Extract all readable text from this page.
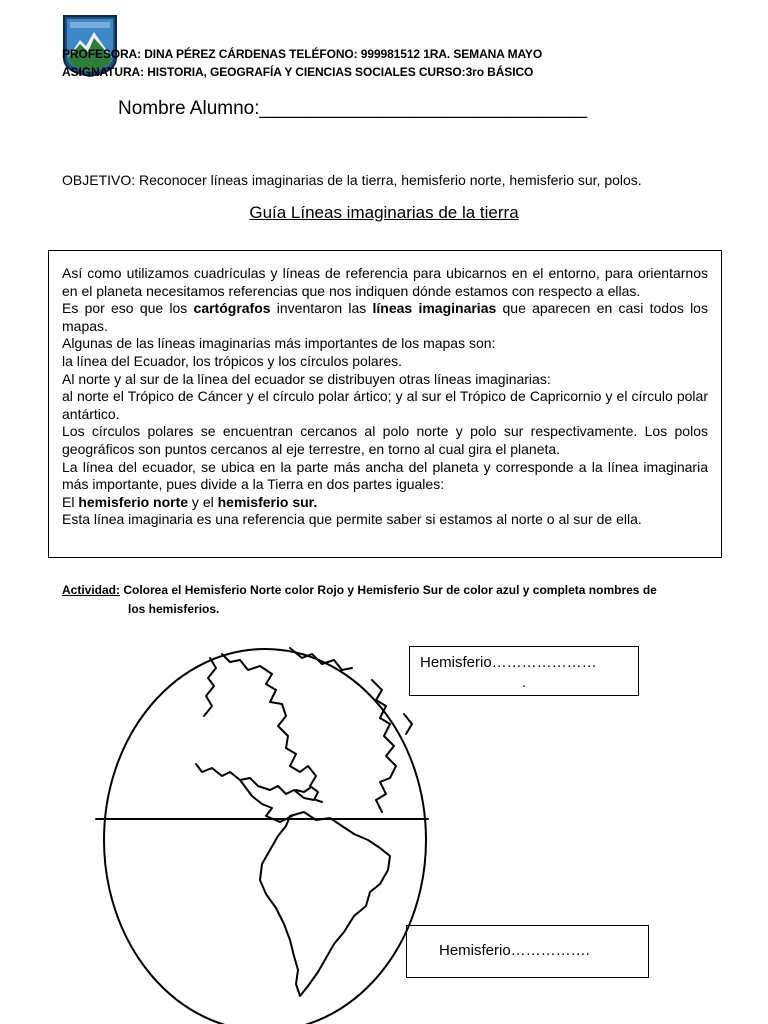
PROFESORA: DINA PÉREZ CÁRDENAS TELÉFONO: 999981512 1RA. SEMANA MAYO
ASIGNATURA: HISTORIA, GEOGRAFÍA Y CIENCIAS SOCIALES CURSO:3ro BÁSICO
Nombre Alumno:_______________________________
OBJETIVO: Reconocer líneas imaginarias de la tierra, hemisferio norte, hemisferio sur, polos.
Guía Líneas imaginarias de la tierra

Así como utilizamos cuadrículas y líneas de referencia para ubicarnos en el entorno, para orientarnos en el planeta necesitamos referencias que nos indiquen dónde estamos con respecto a ellas.

Es por eso que los cartógrafos inventaron las líneas imaginarias que aparecen en casi todos los mapas.

Algunas de las líneas imaginarias más importantes de los mapas son:

la línea del Ecuador, los trópicos y los círculos polares.

Al norte y al sur de la línea del ecuador se distribuyen otras líneas imaginarias:

al norte el Trópico de Cáncer y el círculo polar ártico; y al sur el Trópico de Capricornio y el círculo polar antártico.

Los círculos polares se encuentran cercanos al polo norte y polo sur respectivamente. Los polos geográficos son puntos cercanos al eje terrestre, en torno al cual gira el planeta.

La línea del ecuador, se ubica en la parte más ancha del planeta y corresponde a la línea imaginaria más importante, pues divide a la Tierra en dos partes iguales:

El hemisferio norte y el hemisferio sur.

Esta línea imaginaria es una referencia que permite saber si estamos al norte o al sur de ella.

Actividad: Colorea el Hemisferio Norte color Rojo y Hemisferio Sur de color azul y completa nombres de
los hemisferios.
Hemisferio…………………
.
Hemisferio…………….
